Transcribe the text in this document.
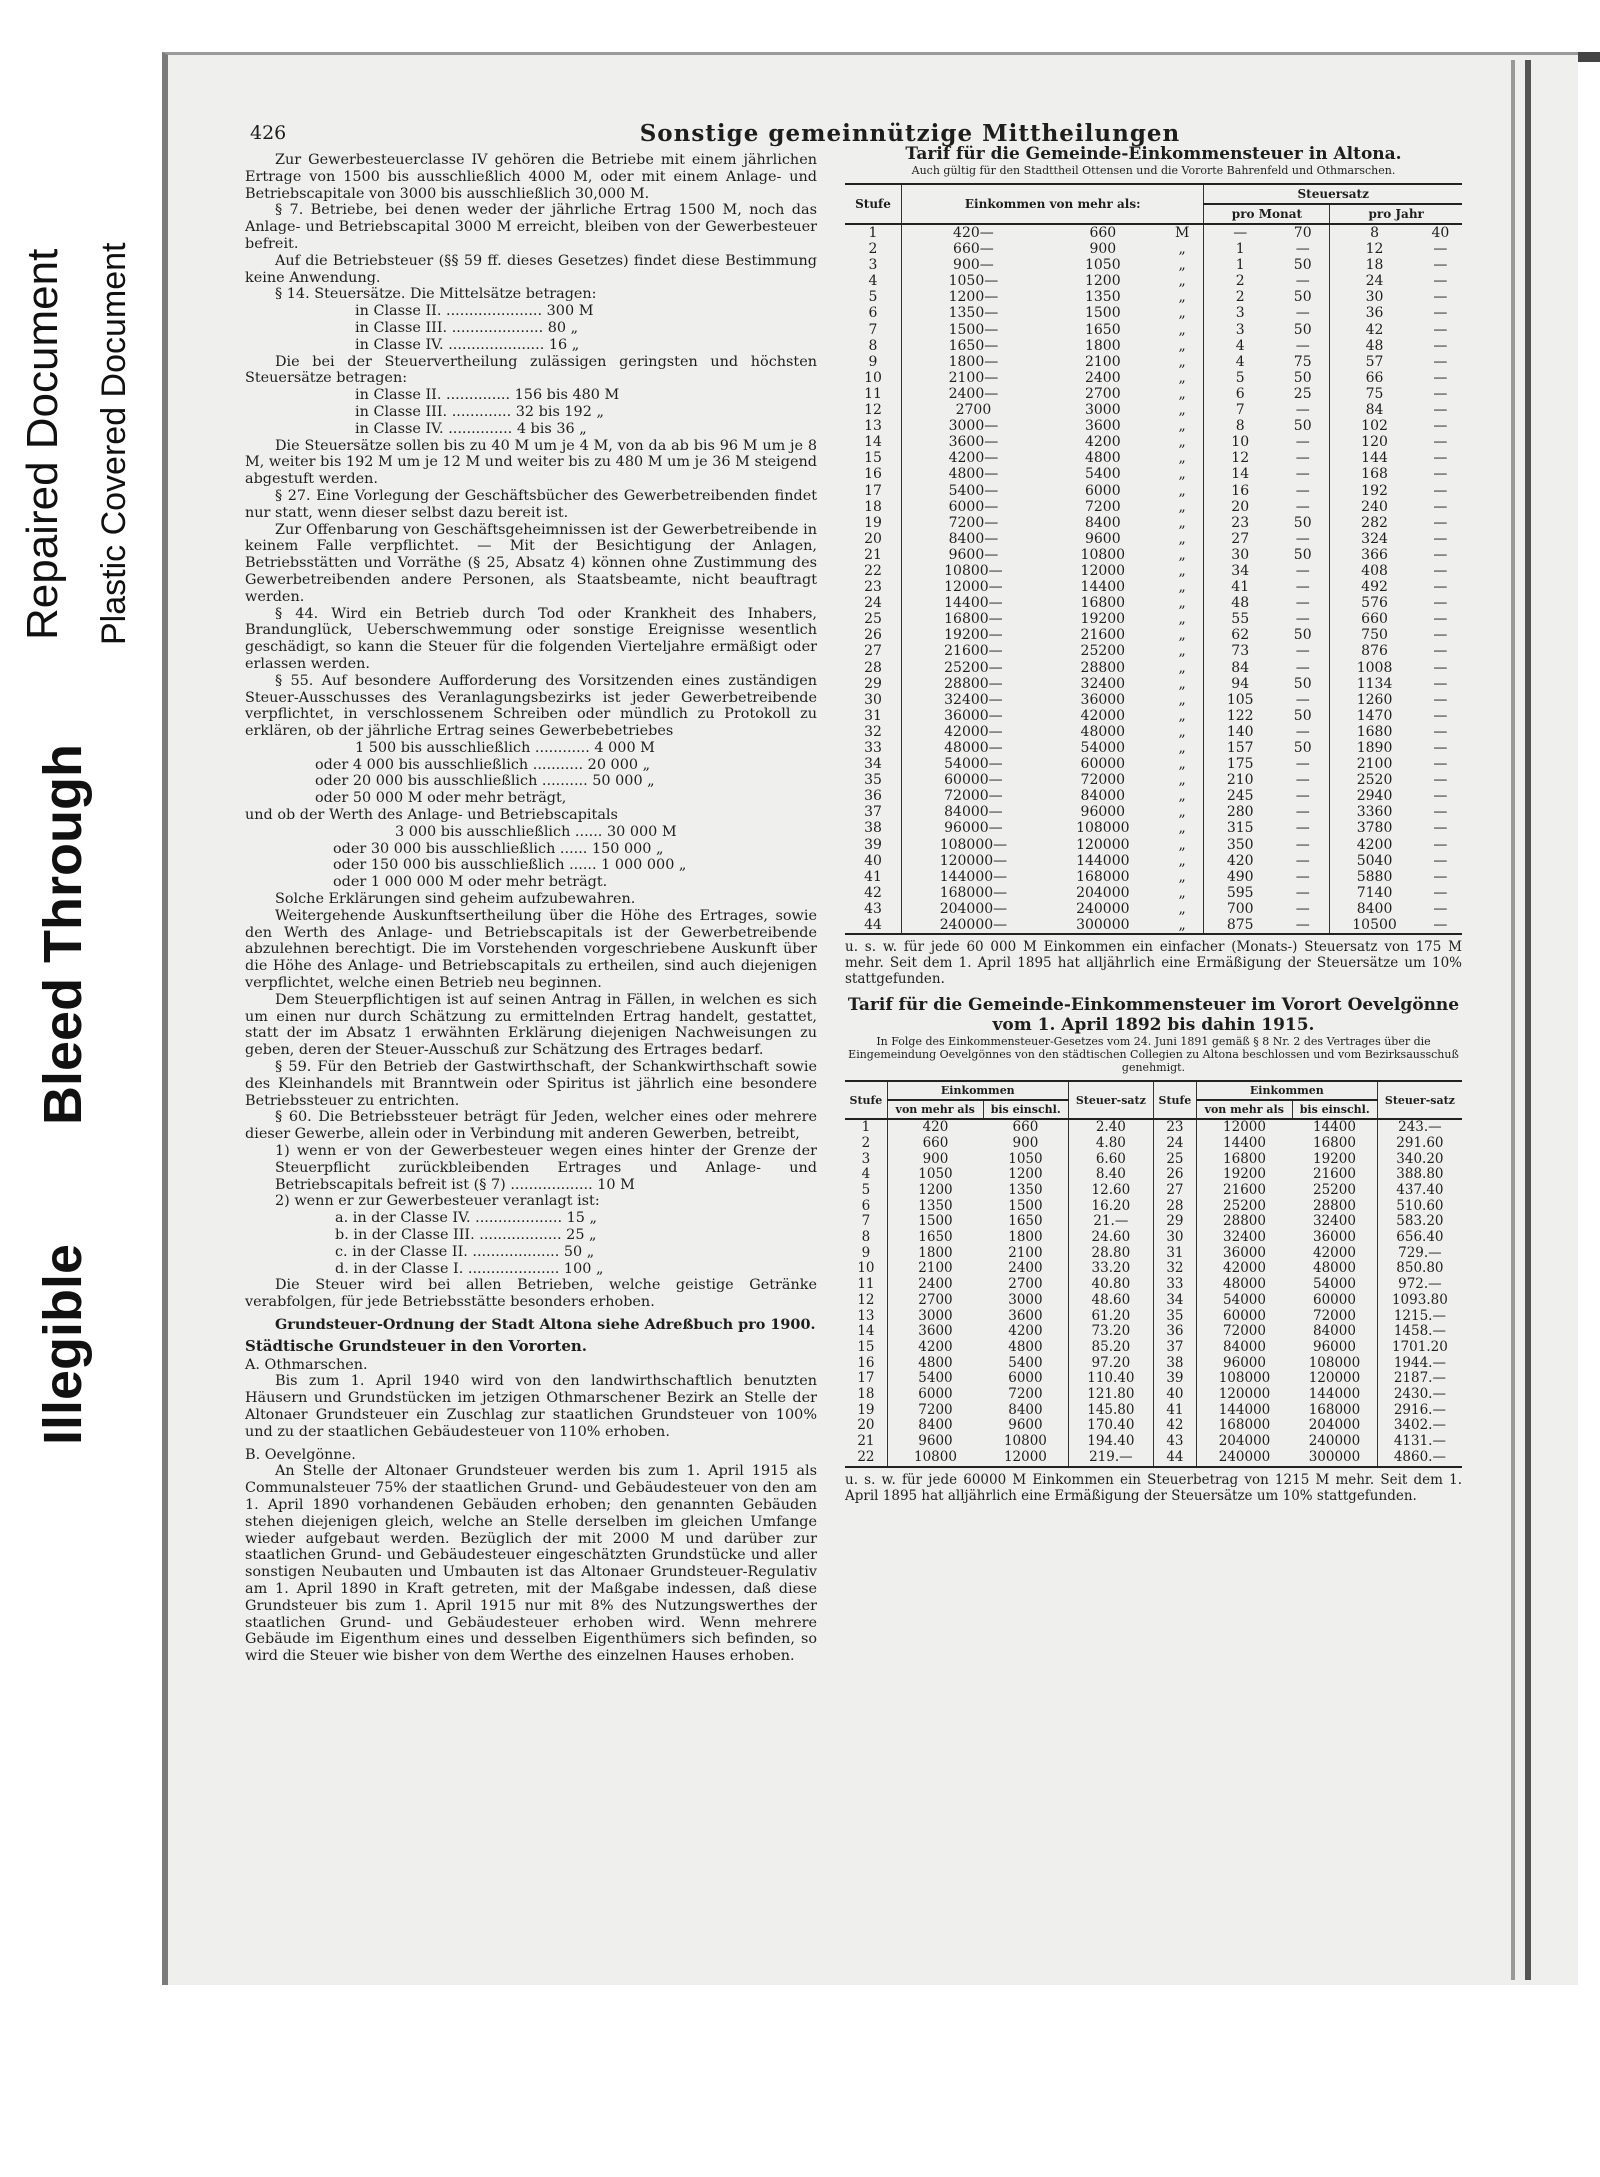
Illegible
Bleed Through
Repaired Document Plastic Covered Document
426	Sonstige gemeinnützige Mittheilungen

Zur Gewerbesteuerclasse IV gehören die Betriebe mit einem jährlichen Ertrage von 1500 bis ausschließlich 4000 M, oder mit einem Anlage- und Betriebscapitale von 3000 bis ausschließlich 30,000 M.

§ 7. Betriebe, bei denen weder der jährliche Ertrag 1500 M, noch das Anlage- und Betriebscapital 3000 M erreicht, bleiben von der Gewerbesteuer befreit.

Auf die Betriebsteuer (§§ 59 ff. dieses Gesetzes) findet diese Bestimmung keine Anwendung.

§ 14. Steuersätze. Die Mittelsätze betragen:

in Classe II. ..................... 300 M

in Classe III. .................... 80 „

in Classe IV. ..................... 16 „

Die bei der Steuervertheilung zulässigen geringsten und höchsten Steuersätze betragen:

in Classe II. .............. 156 bis 480 M

in Classe III. ............. 32 bis 192 „

in Classe IV. .............. 4 bis 36 „

Die Steuersätze sollen bis zu 40 M um je 4 M, von da ab bis 96 M um je 8 M, weiter bis 192 M um je 12 M und weiter bis zu 480 M um je 36 M steigend abgestuft werden.

§ 27. Eine Vorlegung der Geschäftsbücher des Gewerbetreibenden findet nur statt, wenn dieser selbst dazu bereit ist.

Zur Offenbarung von Geschäftsgeheimnissen ist der Gewerbetreibende in keinem Falle verpflichtet. — Mit der Besichtigung der Anlagen, Betriebsstätten und Vorräthe (§ 25, Absatz 4) können ohne Zustimmung des Gewerbetreibenden andere Personen, als Staatsbeamte, nicht beauftragt werden.

§ 44. Wird ein Betrieb durch Tod oder Krankheit des Inhabers, Brandunglück, Ueberschwemmung oder sonstige Ereignisse wesentlich geschädigt, so kann die Steuer für die folgenden Vierteljahre ermäßigt oder erlassen werden.

§ 55. Auf besondere Aufforderung des Vorsitzenden eines zuständigen Steuer-Ausschusses des Veranlagungsbezirks ist jeder Gewerbetreibende verpflichtet, in verschlossenem Schreiben oder mündlich zu Protokoll zu erklären, ob der jährliche Ertrag seines Gewerbebetriebes

1 500 bis ausschließlich ............ 4 000 M

oder 4 000 bis ausschließlich ........... 20 000 „

oder 20 000 bis ausschließlich .......... 50 000 „

oder 50 000 M oder mehr beträgt,

und ob der Werth des Anlage- und Betriebscapitals

3 000 bis ausschließlich ...... 30 000 M

oder 30 000 bis ausschließlich ...... 150 000 „

oder 150 000 bis ausschließlich ...... 1 000 000 „

oder 1 000 000 M oder mehr beträgt.

Solche Erklärungen sind geheim aufzubewahren.

Weitergehende Auskunftsertheilung über die Höhe des Ertrages, sowie den Werth des Anlage- und Betriebscapitals ist der Gewerbetreibende abzulehnen berechtigt. Die im Vorstehenden vorgeschriebene Auskunft über die Höhe des Anlage- und Betriebscapitals zu ertheilen, sind auch diejenigen verpflichtet, welche einen Betrieb neu beginnen.

Dem Steuerpflichtigen ist auf seinen Antrag in Fällen, in welchen es sich um einen nur durch Schätzung zu ermittelnden Ertrag handelt, gestattet, statt der im Absatz 1 erwähnten Erklärung diejenigen Nachweisungen zu geben, deren der Steuer-Ausschuß zur Schätzung des Ertrages bedarf.

§ 59. Für den Betrieb der Gastwirthschaft, der Schankwirthschaft sowie des Kleinhandels mit Branntwein oder Spiritus ist jährlich eine besondere Betriebssteuer zu entrichten.

§ 60. Die Betriebssteuer beträgt für Jeden, welcher eines oder mehrere dieser Gewerbe, allein oder in Verbindung mit anderen Gewerben, betreibt,

1) wenn er von der Gewerbesteuer wegen eines hinter der Grenze der Steuerpflicht zurückbleibenden Ertrages und Anlage- und Betriebscapitals befreit ist (§ 7) .................. 10 M

2) wenn er zur Gewerbesteuer veranlagt ist:

a. in der Classe IV. ................... 15 „

b. in der Classe III. .................. 25 „

c. in der Classe II. ................... 50 „

d. in der Classe I. .................... 100 „

Die Steuer wird bei allen Betrieben, welche geistige Getränke verabfolgen, für jede Betriebsstätte besonders erhoben.

Grundsteuer-Ordnung der Stadt Altona siehe Adreßbuch pro 1900.

Städtische Grundsteuer in den Vororten.

A. Othmarschen.

Bis zum 1. April 1940 wird von den landwirthschaftlich benutzten Häusern und Grundstücken im jetzigen Othmarschener Bezirk an Stelle der Altonaer Grundsteuer ein Zuschlag zur staatlichen Grundsteuer von 100% und zu der staatlichen Gebäudesteuer von 110% erhoben.

B. Oevelgönne.

An Stelle der Altonaer Grundsteuer werden bis zum 1. April 1915 als Communalsteuer 75% der staatlichen Grund- und Gebäudesteuer von den am 1. April 1890 vorhandenen Gebäuden erhoben; den genannten Gebäuden stehen diejenigen gleich, welche an Stelle derselben im gleichen Umfange wieder aufgebaut werden. Bezüglich der mit 2000 M und darüber zur staatlichen Grund- und Gebäudesteuer eingeschätzten Grundstücke und aller sonstigen Neubauten und Umbauten ist das Altonaer Grundsteuer-Regulativ am 1. April 1890 in Kraft getreten, mit der Maßgabe indessen, daß diese Grundsteuer bis zum 1. April 1915 nur mit 8% des Nutzungswerthes der staatlichen Grund- und Gebäudesteuer erhoben wird. Wenn mehrere Gebäude im Eigenthum eines und desselben Eigenthümers sich befinden, so wird die Steuer wie bisher von dem Werthe des einzelnen Hauses erhoben.

Tarif für die Gemeinde-Einkommensteuer in Altona.
Auch gültig für den Stadttheil Ottensen und die Vororte Bahrenfeld und Othmarschen.
Stufe	Einkommen von mehr als:			Steuersatz			
				pro Monat		pro Jahr	
1	420—	660	M	—	70	8	40
2	660—	900	„	1	—	12	—
3	900—	1050	„	1	50	18	—
4	1050—	1200	„	2	—	24	—
5	1200—	1350	„	2	50	30	—
6	1350—	1500	„	3	—	36	—
7	1500—	1650	„	3	50	42	—
8	1650—	1800	„	4	—	48	—
9	1800—	2100	„	4	75	57	—
10	2100—	2400	„	5	50	66	—
11	2400—	2700	„	6	25	75	—
12	2700	3000	„	7	—	84	—
13	3000—	3600	„	8	50	102	—
14	3600—	4200	„	10	—	120	—
15	4200—	4800	„	12	—	144	—
16	4800—	5400	„	14	—	168	—
17	5400—	6000	„	16	—	192	—
18	6000—	7200	„	20	—	240	—
19	7200—	8400	„	23	50	282	—
20	8400—	9600	„	27	—	324	—
21	9600—	10800	„	30	50	366	—
22	10800—	12000	„	34	—	408	—
23	12000—	14400	„	41	—	492	—
24	14400—	16800	„	48	—	576	—
25	16800—	19200	„	55	—	660	—
26	19200—	21600	„	62	50	750	—
27	21600—	25200	„	73	—	876	—
28	25200—	28800	„	84	—	1008	—
29	28800—	32400	„	94	50	1134	—
30	32400—	36000	„	105	—	1260	—
31	36000—	42000	„	122	50	1470	—
32	42000—	48000	„	140	—	1680	—
33	48000—	54000	„	157	50	1890	—
34	54000—	60000	„	175	—	2100	—
35	60000—	72000	„	210	—	2520	—
36	72000—	84000	„	245	—	2940	—
37	84000—	96000	„	280	—	3360	—
38	96000—	108000	„	315	—	3780	—
39	108000—	120000	„	350	—	4200	—
40	120000—	144000	„	420	—	5040	—
41	144000—	168000	„	490	—	5880	—
42	168000—	204000	„	595	—	7140	—
43	204000—	240000	„	700	—	8400	—
44	240000—	300000	„	875	—	10500	—
u. s. w. für jede 60 000 M Einkommen ein einfacher (Monats-) Steuersatz von 175 M mehr. Seit dem 1. April 1895 hat alljährlich eine Ermäßigung der Steuersätze um 10% stattgefunden.
Tarif für die Gemeinde-Einkommensteuer im Vorort Oevelgönne
vom 1. April 1892 bis dahin 1915.
In Folge des Einkommensteuer-Gesetzes vom 24. Juni 1891 gemäß § 8 Nr. 2 des Vertrages über die Eingemeindung Oevelgönnes von den städtischen Collegien zu Altona beschlossen und vom Bezirksausschuß genehmigt.
Stufe	Einkommen		Steuer-satz	Stufe	Einkommen		Steuer-satz
	von mehr als	bis einschl.			von mehr als	bis einschl.	
1	420	660	2.40	23	12000	14400	243.—
2	660	900	4.80	24	14400	16800	291.60
3	900	1050	6.60	25	16800	19200	340.20
4	1050	1200	8.40	26	19200	21600	388.80
5	1200	1350	12.60	27	21600	25200	437.40
6	1350	1500	16.20	28	25200	28800	510.60
7	1500	1650	21.—	29	28800	32400	583.20
8	1650	1800	24.60	30	32400	36000	656.40
9	1800	2100	28.80	31	36000	42000	729.—
10	2100	2400	33.20	32	42000	48000	850.80
11	2400	2700	40.80	33	48000	54000	972.—
12	2700	3000	48.60	34	54000	60000	1093.80
13	3000	3600	61.20	35	60000	72000	1215.—
14	3600	4200	73.20	36	72000	84000	1458.—
15	4200	4800	85.20	37	84000	96000	1701.20
16	4800	5400	97.20	38	96000	108000	1944.—
17	5400	6000	110.40	39	108000	120000	2187.—
18	6000	7200	121.80	40	120000	144000	2430.—
19	7200	8400	145.80	41	144000	168000	2916.—
20	8400	9600	170.40	42	168000	204000	3402.—
21	9600	10800	194.40	43	204000	240000	4131.—
22	10800	12000	219.—	44	240000	300000	4860.—
u. s. w. für jede 60000 M Einkommen ein Steuerbetrag von 1215 M mehr. Seit dem 1. April 1895 hat alljährlich eine Ermäßigung der Steuersätze um 10% stattgefunden.
